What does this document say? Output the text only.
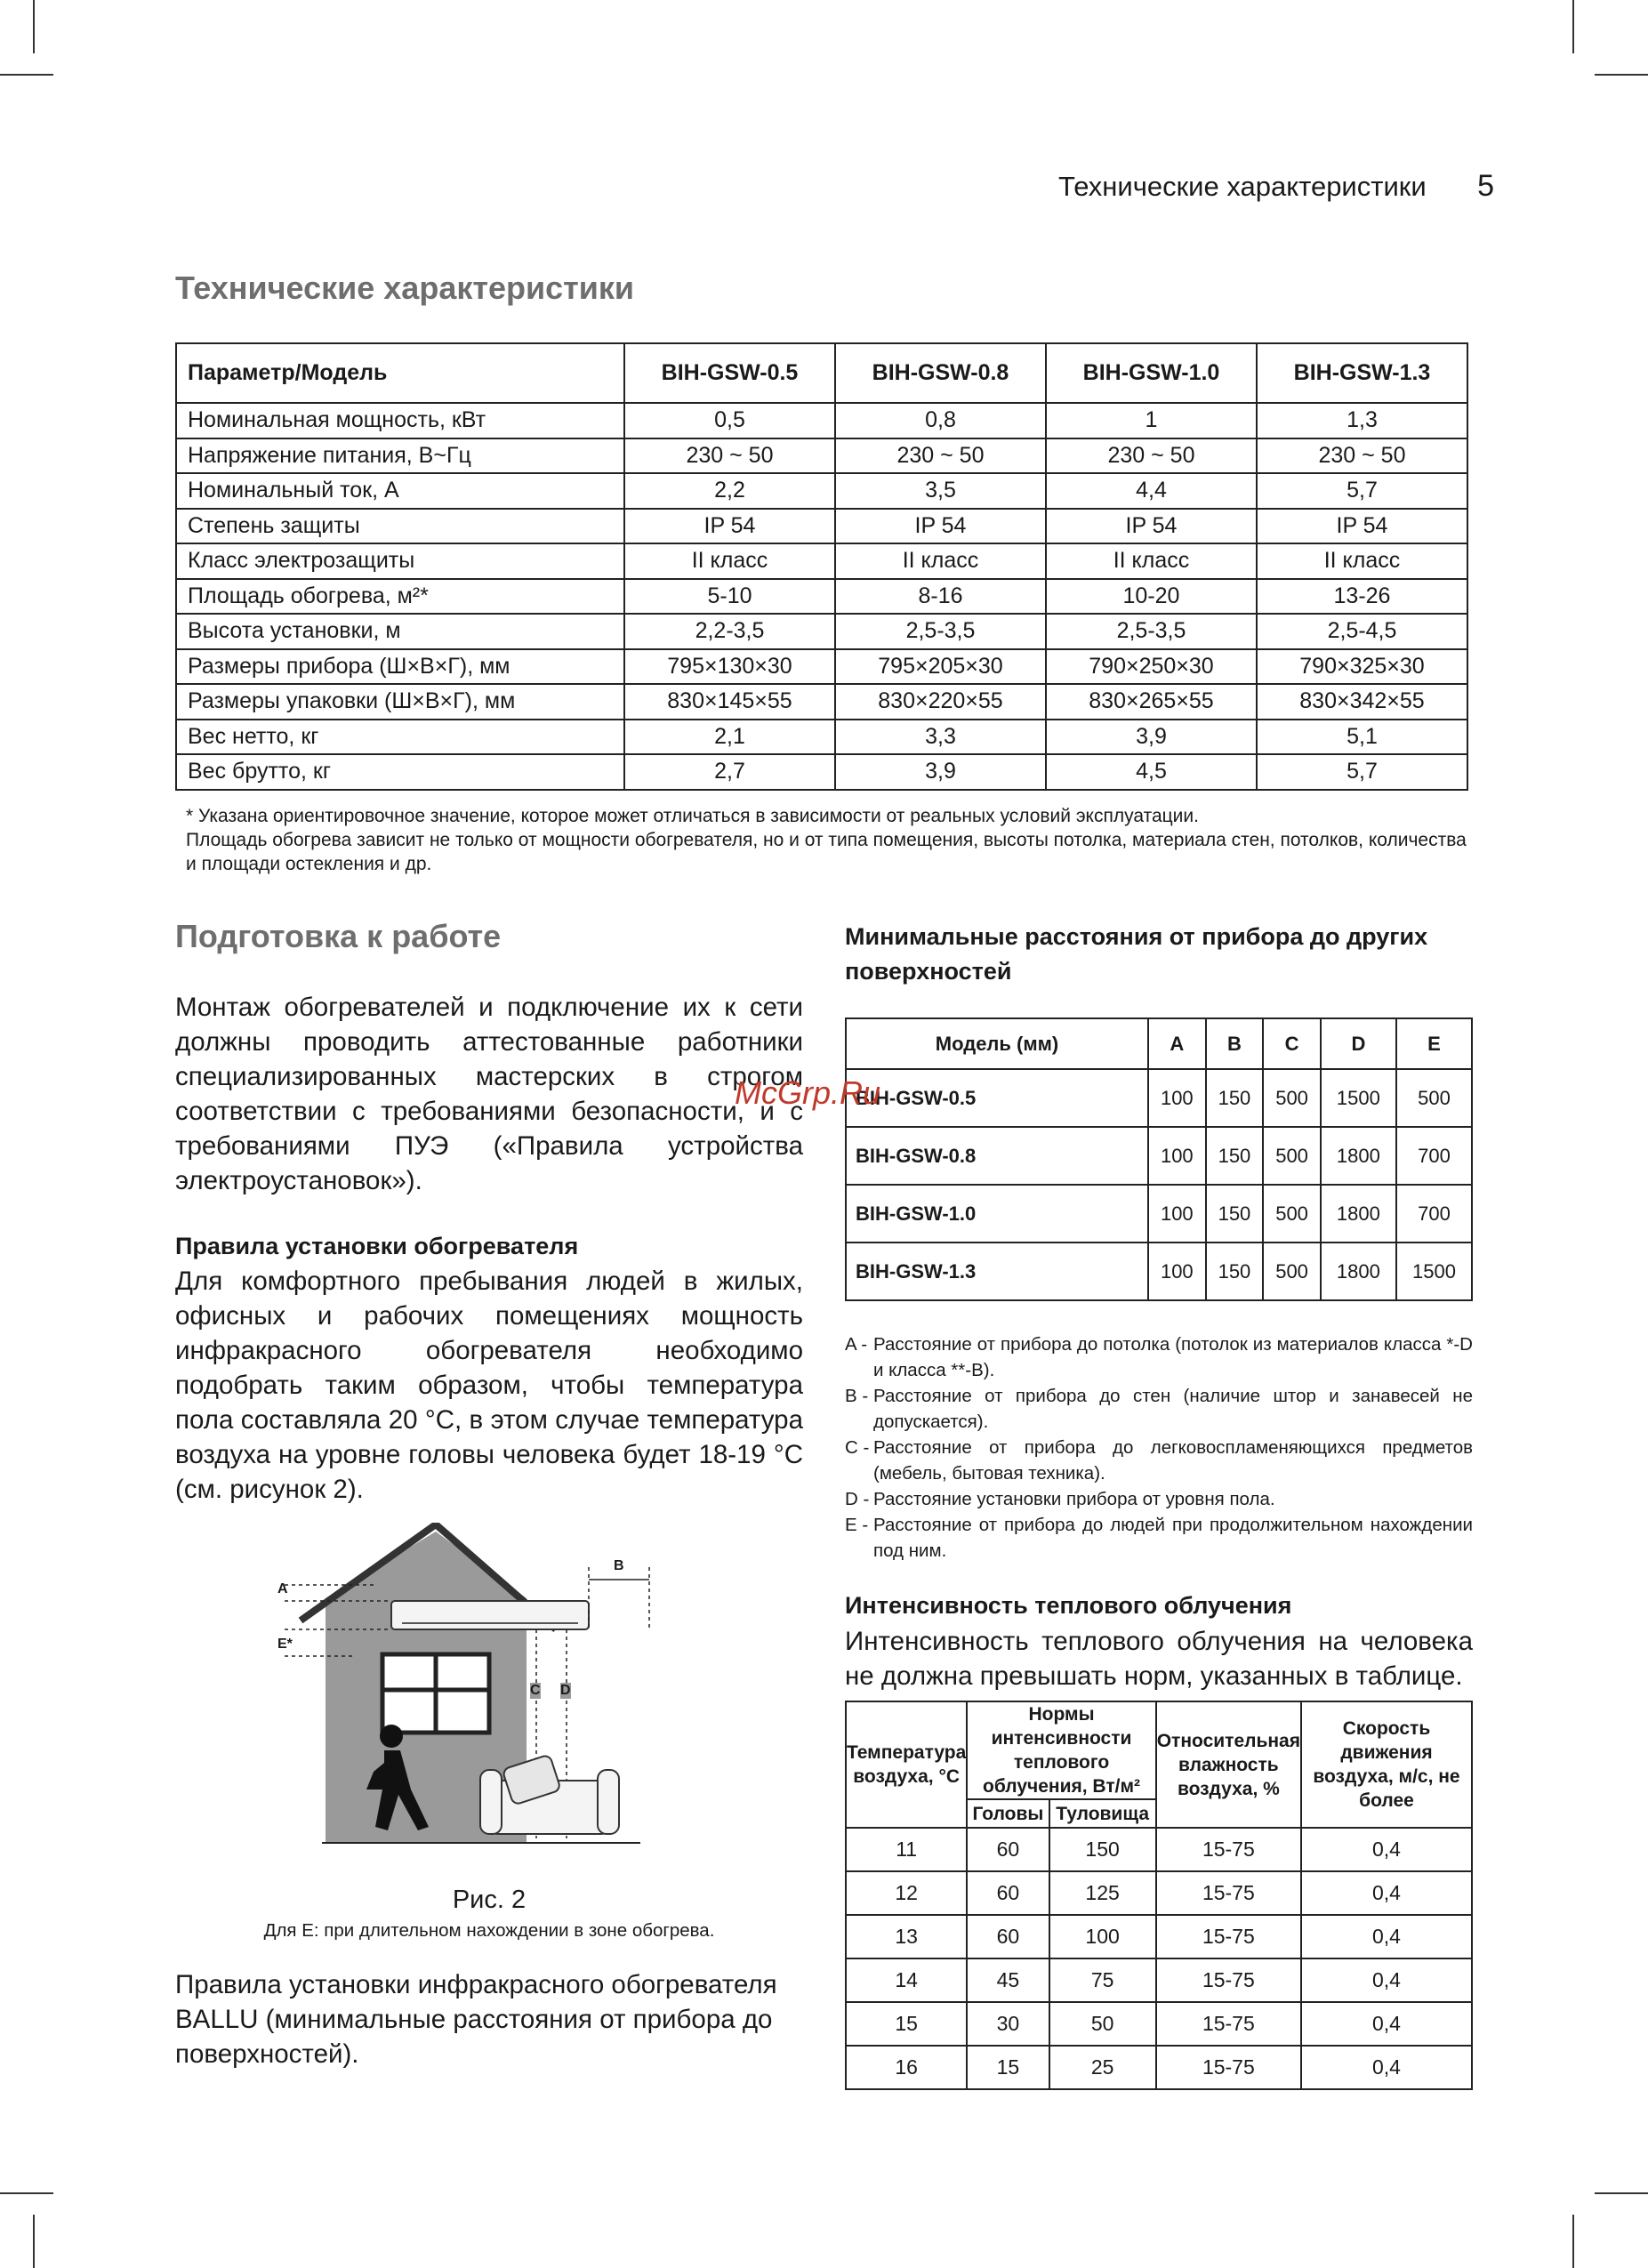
Технические характеристики 5
Технические характеристики
Параметр/Модель	BIH-GSW-0.5	BIH-GSW-0.8	BIH-GSW-1.0	BIH-GSW-1.3
Номинальная мощность, кВт	0,5	0,8	1	1,3
Напряжение питания, В~Гц	230 ~ 50	230 ~ 50	230 ~ 50	230 ~ 50
Номинальный ток, А	2,2	3,5	4,4	5,7
Степень защиты	IP 54	IP 54	IP 54	IP 54
Класс электрозащиты	II класс	II класс	II класс	II класс
Площадь обогрева, м²*	5-10	8-16	10-20	13-26
Высота установки, м	2,2-3,5	2,5-3,5	2,5-3,5	2,5-4,5
Размеры прибора (Ш×В×Г), мм	795×130×30	795×205×30	790×250×30	790×325×30
Размеры упаковки (Ш×В×Г), мм	830×145×55	830×220×55	830×265×55	830×342×55
Вес нетто, кг	2,1	3,3	3,9	5,1
Вес брутто, кг	2,7	3,9	4,5	5,7
* Указана ориентировочное значение, которое может отличаться в зависимости от реальных условий эксплуатации.
Площадь обогрева зависит не только от мощности обогревателя, но и от типа помещения, высоты потолка, материала стен, потолков, количества и площади остекления и др.
Подготовка к работе
Монтаж обогревателей и подключение их к сети должны проводить аттестованные работники специализированных мастерских в строгом соответствии с требованиями безопасности, и с требованиями ПУЭ («Правила устройства электроустановок»).
Правила установки обогревателя
Для комфортного пребывания людей в жилых, офисных и рабочих помещениях мощность инфракрасного обогревателя необходимо подобрать таким образом, чтобы температура пола составляла 20 °С, в этом случае температура воздуха на уровне головы человека будет 18-19 °С (см. рисунок 2).
A
B
C D
E*
Рис. 2
Для Е: при длительном нахождении в зоне обогрева.
Правила установки инфракрасного обогревателя BALLU (минимальные расстояния от прибора до поверхностей).
Минимальные расстояния от прибора до других поверхностей
Модель (мм)	A	B	C	D	E
BIH-GSW-0.5	100	150	500	1500	500
BIH-GSW-0.8	100	150	500	1800	700
BIH-GSW-1.0	100	150	500	1800	700
BIH-GSW-1.3	100	150	500	1800	1500
A - Расстояние от прибора до потолка (потолок из материалов класса *-D и класса **-B).
B - Расстояние от прибора до стен (наличие штор и занавесей не допускается).
C - Расстояние от прибора до легковоспламеняющихся предметов (мебель, бытовая техника).
D - Расстояние установки прибора от уровня пола.
E - Расстояние от прибора до людей при продолжительном нахождении под ним.
Интенсивность теплового облучения
Интенсивность теплового облучения на человека не должна превышать норм, указанных в таблице.
Температура воздуха, °С	Нормы интенсивности теплового облучения, Вт/м²		Относительная влажность воздуха, %	Скорость движения воздуха, м/с, не более
	Головы	Туловища		
11	60	150	15-75	0,4
12	60	125	15-75	0,4
13	60	100	15-75	0,4
14	45	75	15-75	0,4
15	30	50	15-75	0,4
16	15	25	15-75	0,4
McGrp.Ru
